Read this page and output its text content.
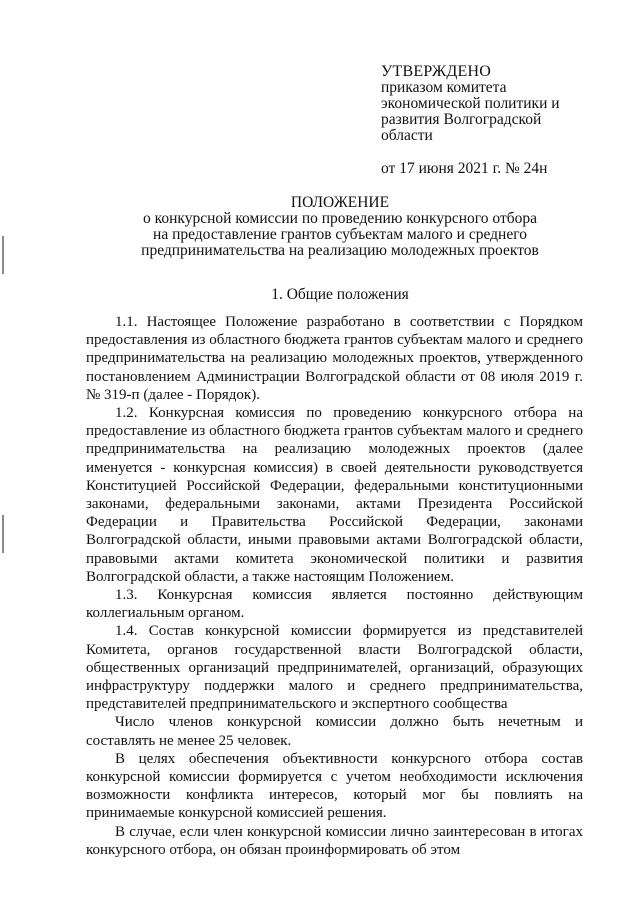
УТВЕРЖДЕНО
приказом комитета
экономической политики и
развития Волгоградской
области
от 17 июня 2021 г. № 24н
ПОЛОЖЕНИЕ
о конкурсной комиссии по проведению конкурсного отбора
на предоставление грантов субъектам малого и среднего
предпринимательства на реализацию молодежных проектов
1. Общие положения

1.1. Настоящее Положение разработано в соответствии с Порядком предоставления из областного бюджета грантов субъектам малого и среднего предпринимательства на реализацию молодежных проектов, утвержденного постановлением Администрации Волгоградской области от 08 июля 2019 г. № 319-п (далее - Порядок).

1.2. Конкурсная комиссия по проведению конкурсного отбора на предоставление из областного бюджета грантов субъектам малого и среднего предпринимательства на реализацию молодежных проектов (далее именуется - конкурсная комиссия) в своей деятельности руководствуется Конституцией Российской Федерации, федеральными конституционными законами, федеральными законами, актами Президента Российской Федерации и Правительства Российской Федерации, законами Волгоградской области, иными правовыми актами Волгоградской области, правовыми актами комитета экономической политики и развития Волгоградской области, а также настоящим Положением.

1.3. Конкурсная комиссия является постоянно действующим коллегиальным органом.

1.4. Состав конкурсной комиссии формируется из представителей Комитета, органов государственной власти Волгоградской области, общественных организаций предпринимателей, организаций, образующих инфраструктуру поддержки малого и среднего предпринимательства, представителей предпринимательского и экспертного сообщества

Число членов конкурсной комиссии должно быть нечетным и составлять не менее 25 человек.

В целях обеспечения объективности конкурсного отбора состав конкурсной комиссии формируется с учетом необходимости исключения возможности конфликта интересов, который мог бы повлиять на принимаемые конкурсной комиссией решения.

В случае, если член конкурсной комиссии лично заинтересован в итогах конкурсного отбора, он обязан проинформировать об этом
